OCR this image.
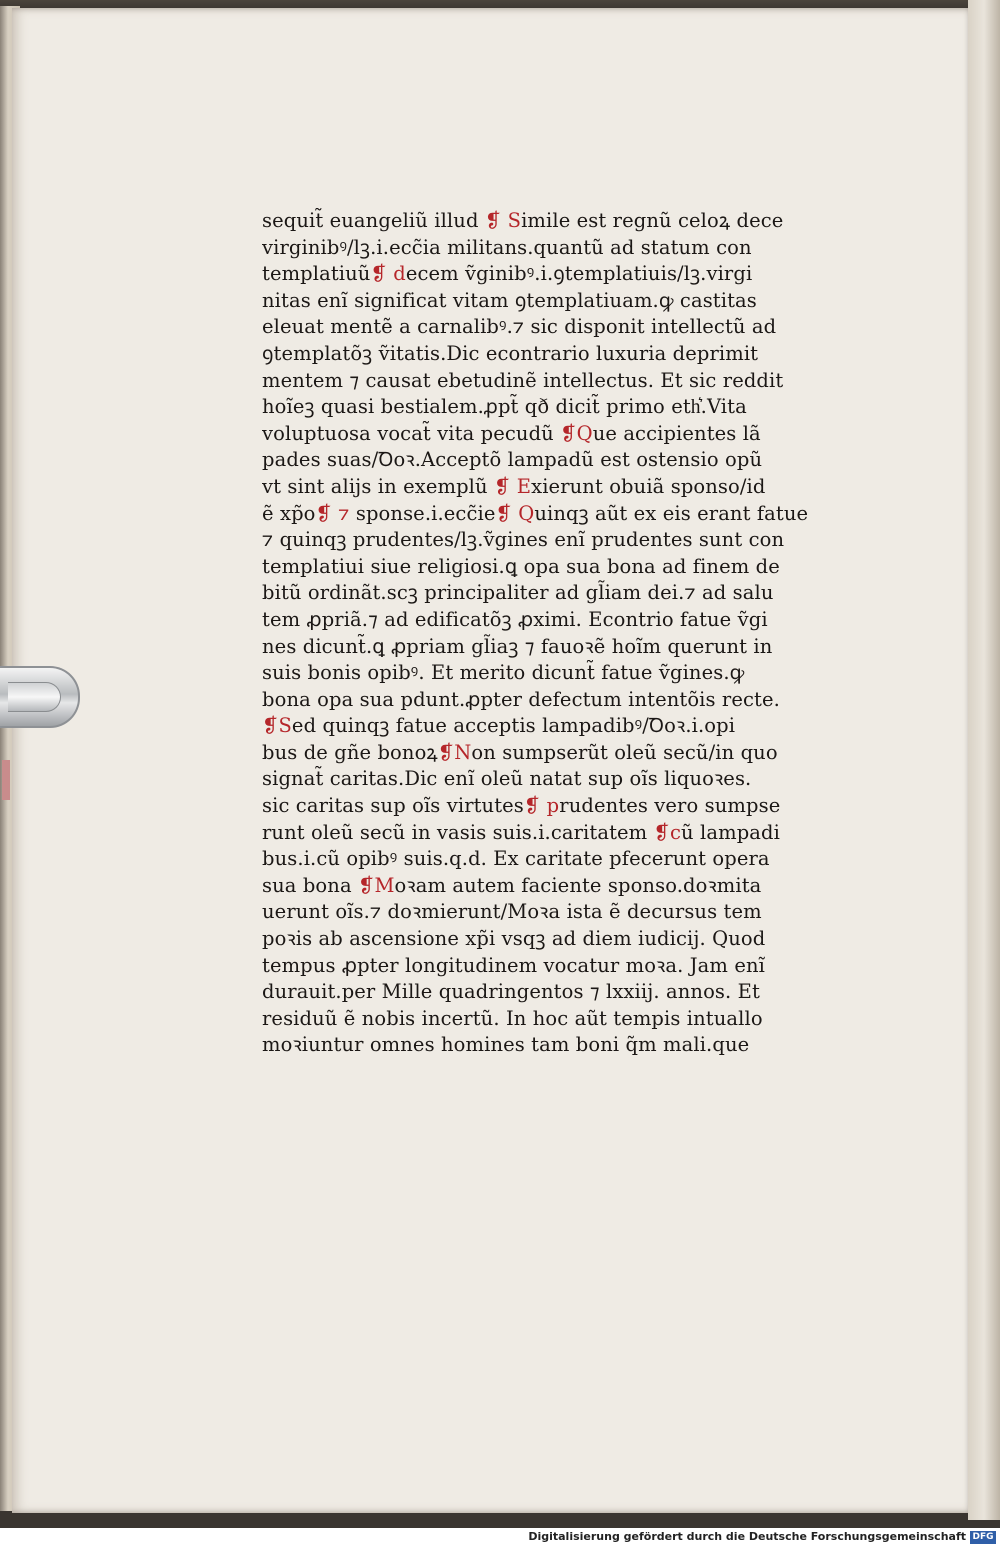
sequit euangeliũ illud ❡ Simile est regnũ celoꝝ dece
virginibꝰ/lꝫ.i.eccia militans.quantũ ad statum con
templatiuũ❡ decem ṽginibꝰ.i.ꝯtemplatiuis/lꝫ.virgi
nitas enĩ significat vitam ꝯtemplatiuam.ꝙ castitas
eleuat mentẽ a carnalibꝰ.⁊ sic disponit intellectũ ad
ꝯtemplatõꝫ ṽitatis.Dic econtrario luxuria deprimit
mentem ⁊ causat ebetudinẽ intellectus. Et sic reddit
hoĩeꝫ quasi bestialem.ꝓpt qð dicit primo eth.Vita
voluptuosa vocat vita pecudũ ❡Que accipientes lã
pades suas/Ꝺoꝛ.Acceptõ lampadũ est ostensio opũ
vt sint alijs in exemplũ ❡ Exierunt obuiã sponso/id
ẽ xpo❡ ⁊ sponse.i.eccie❡ Quinqꝫ aũt ex eis erant fatue
⁊ quinqꝫ prudentes/lꝫ.ṽgines enĩ prudentes sunt con
templatiui siue religiosi.ꝗ opa sua bona ad finem de
bitũ ordinãt.scꝫ principaliter ad gliam dei.⁊ ad salu
tem ꝓpriã.⁊ ad edificatõꝫ ꝓximi. Econtrio fatue ṽgi
nes dicunt.ꝗ ꝓpriam gliaꝫ ⁊ fauoꝛẽ hoĩm querunt in
suis bonis opibꝰ. Et merito dicunt fatue ṽgines.ꝙ
bona opa sua pdunt.ꝓpter defectum intentõis recte.
❡Sed quinqꝫ fatue acceptis lampadibꝰ/Ꝺoꝛ.i.opi
bus de gñe bonoꝝ❡Non sumpserũt oleũ secũ/in quo
signat caritas.Dic enĩ oleũ natat sup oĩs liquoꝛes.
sic caritas sup oĩs virtutes❡ prudentes vero sumpse
runt oleũ secũ in vasis suis.i.caritatem ❡cũ lampadi
bus.i.cũ opibꝰ suis.q.d. Ex caritate pfecerunt opera
sua bona ❡Moꝛam autem faciente sponso.doꝛmita
uerunt oĩs.⁊ doꝛmierunt/Moꝛa ista ẽ decursus tem
poꝛis ab ascensione xpi vsqꝫ ad diem iudicij. Quod
tempus ꝓpter longitudinem vocatur moꝛa. Jam enĩ
durauit.per Mille quadringentos ⁊ lxxiij. annos. Et
residuũ ẽ nobis incertũ. In hoc aũt tempis intuallo
moꝛiuntur omnes homines tam boni qm mali.que
Digitalisierung gefördert durch die Deutsche Forschungsgemeinschaft DFG
